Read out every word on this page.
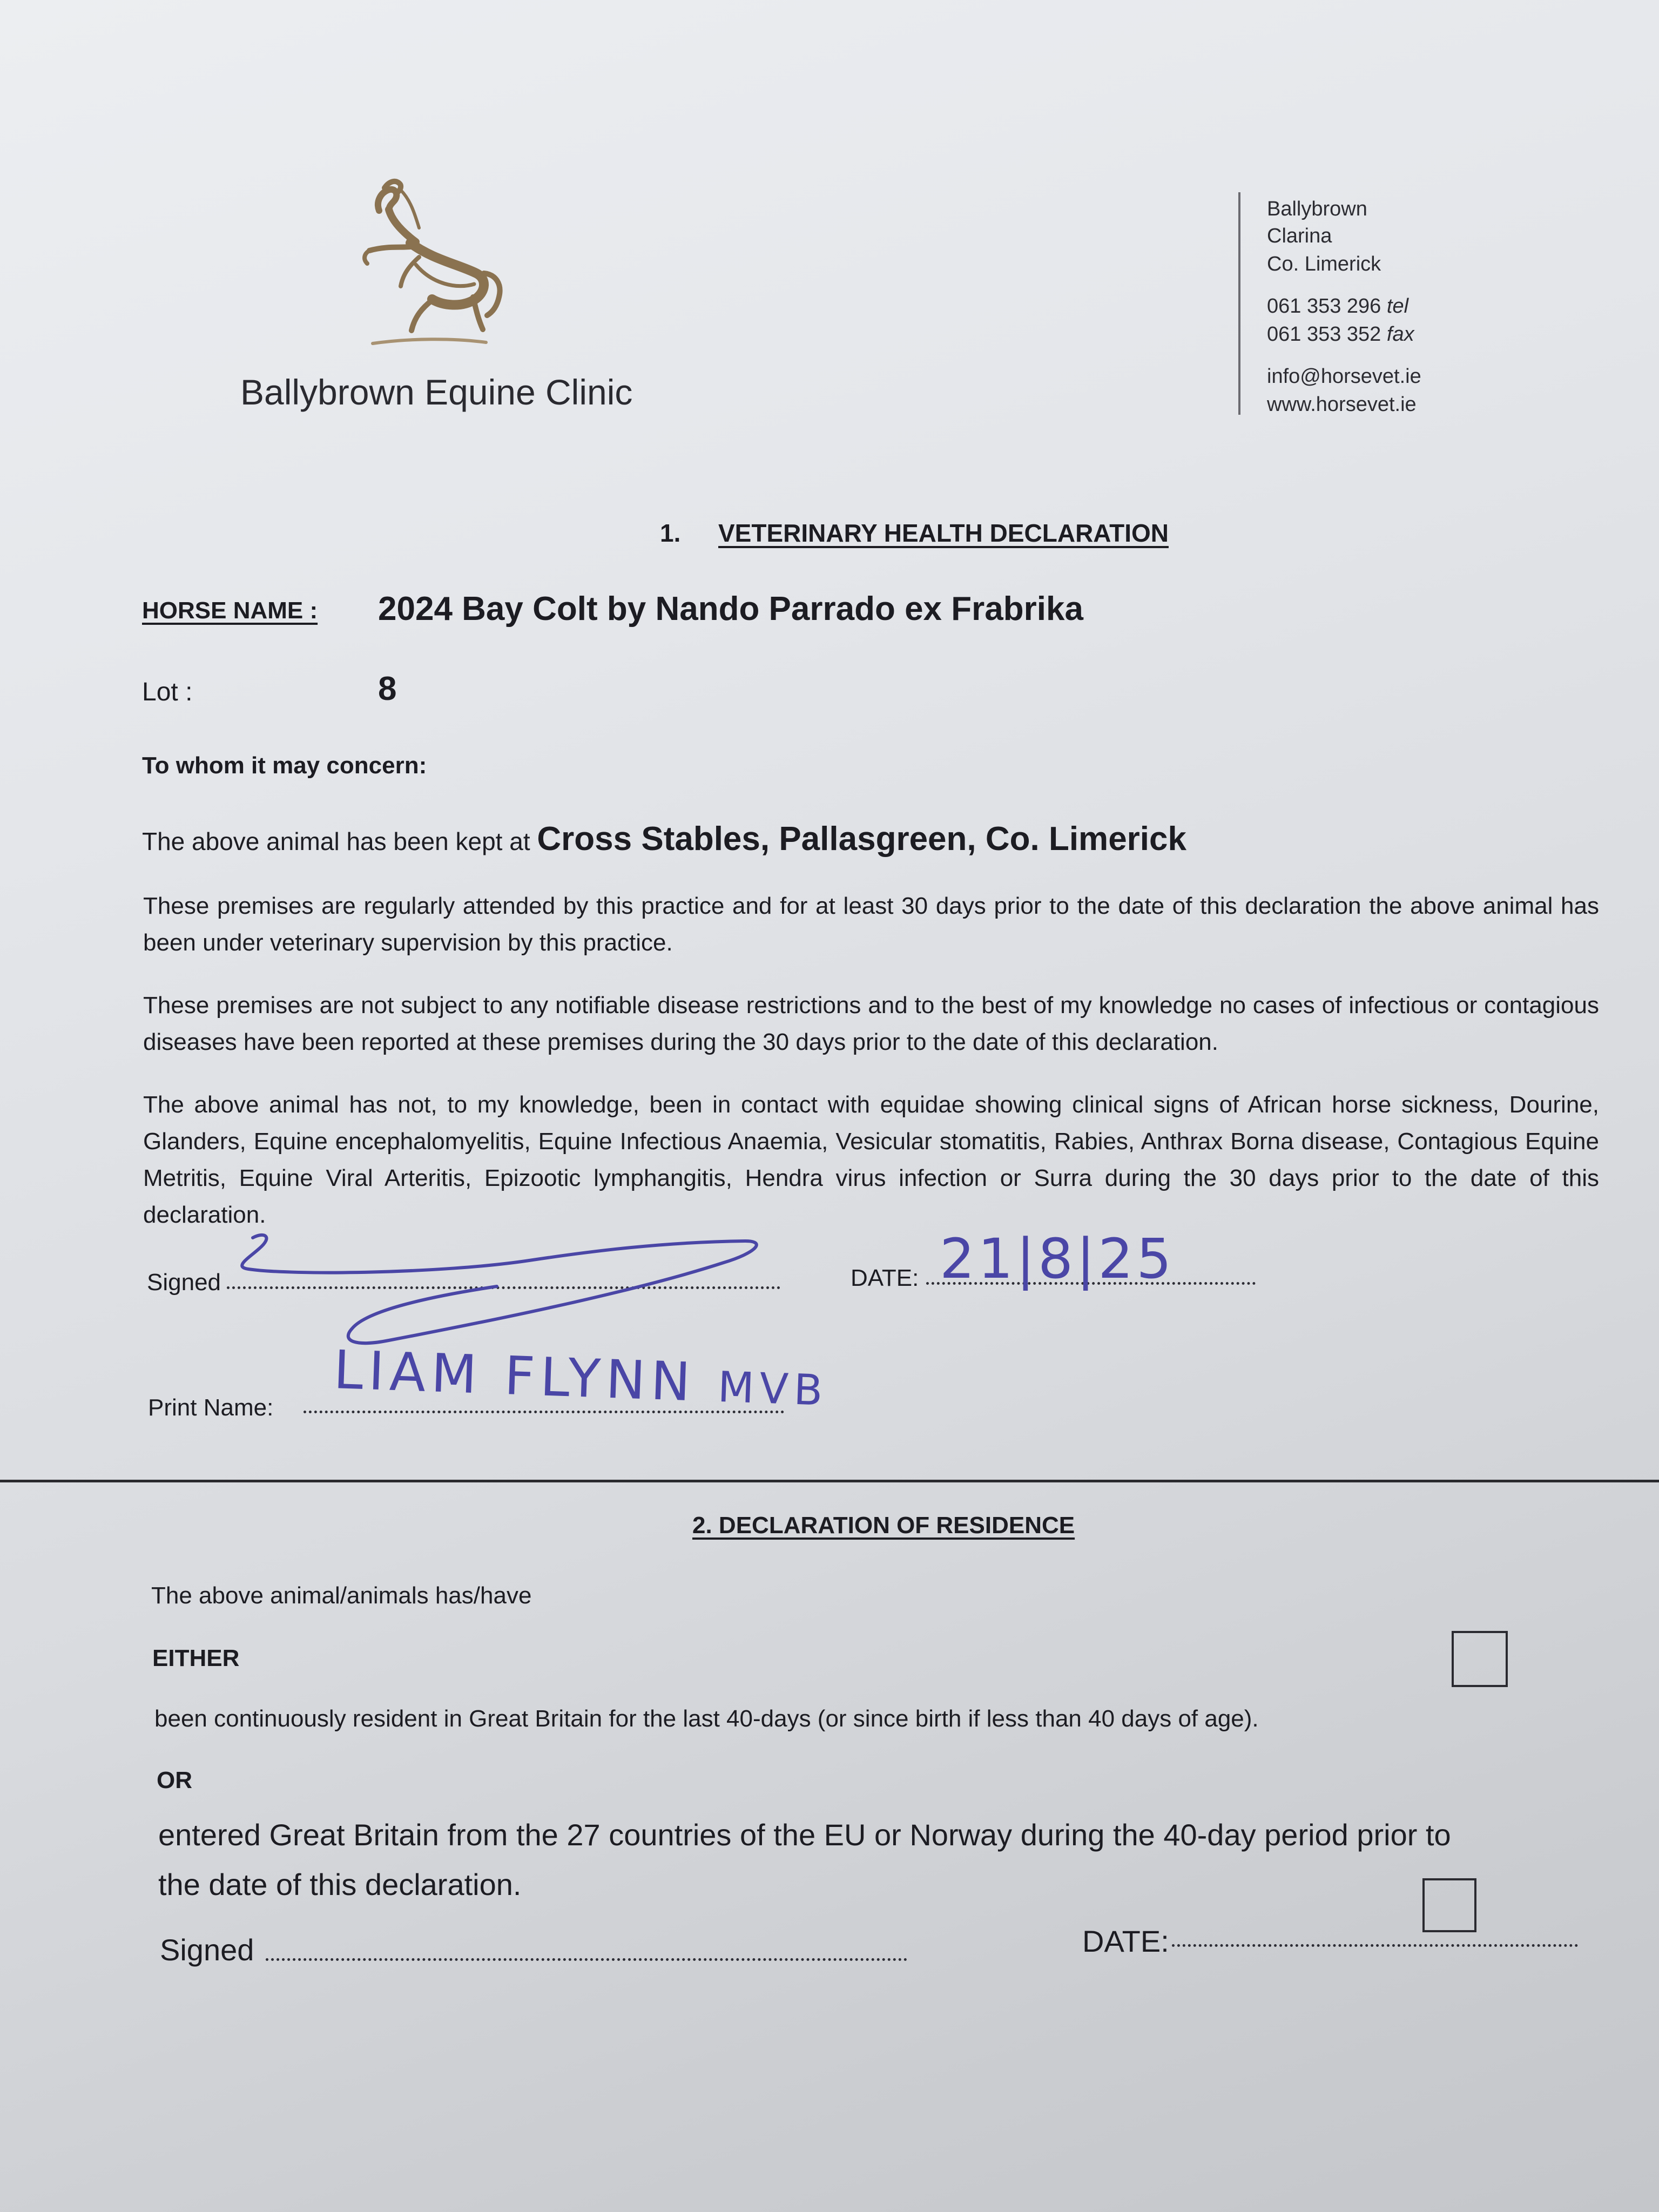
Ballybrown Equine Clinic
Ballybrown
Clarina
Co. Limerick
061 353 296 tel
061 353 352 fax
info@horsevet.ie
www.horsevet.ie
1. VETERINARY HEALTH DECLARATION
HORSE NAME : 2024 Bay Colt by Nando Parrado ex Frabrika
Lot :	8
To whom it may concern:
The above animal has been kept at Cross Stables, Pallasgreen, Co. Limerick
These premises are regularly attended by this practice and for at least 30 days prior to the date of this declaration the above animal has been under veterinary supervision by this practice.
These premises are not subject to any notifiable disease restrictions and to the best of my knowledge no cases of infectious or contagious diseases have been reported at these premises during the 30 days prior to the date of this declaration.
The above animal has not, to my knowledge, been in contact with equidae showing clinical signs of African horse sickness, Dourine, Glanders, Equine encephalomyelitis, Equine Infectious Anaemia, Vesicular stomatitis, Rabies, Anthrax Borna disease, Contagious Equine Metritis, Equine Viral Arteritis, Epizootic lymphangitis, Hendra virus infection or Surra during the 30 days prior to the date of this declaration.
Signed	DATE: 21|8|25
Print Name: LIAM FLYNN MVB
2. DECLARATION OF RESIDENCE
The above animal/animals has/have
EITHER
been continuously resident in Great Britain for the last 40-days (or since birth if less than 40 days of age).
OR
entered Great Britain from the 27 countries of the EU or Norway during the 40-day period prior to
the date of this declaration.
Signed	DATE:
